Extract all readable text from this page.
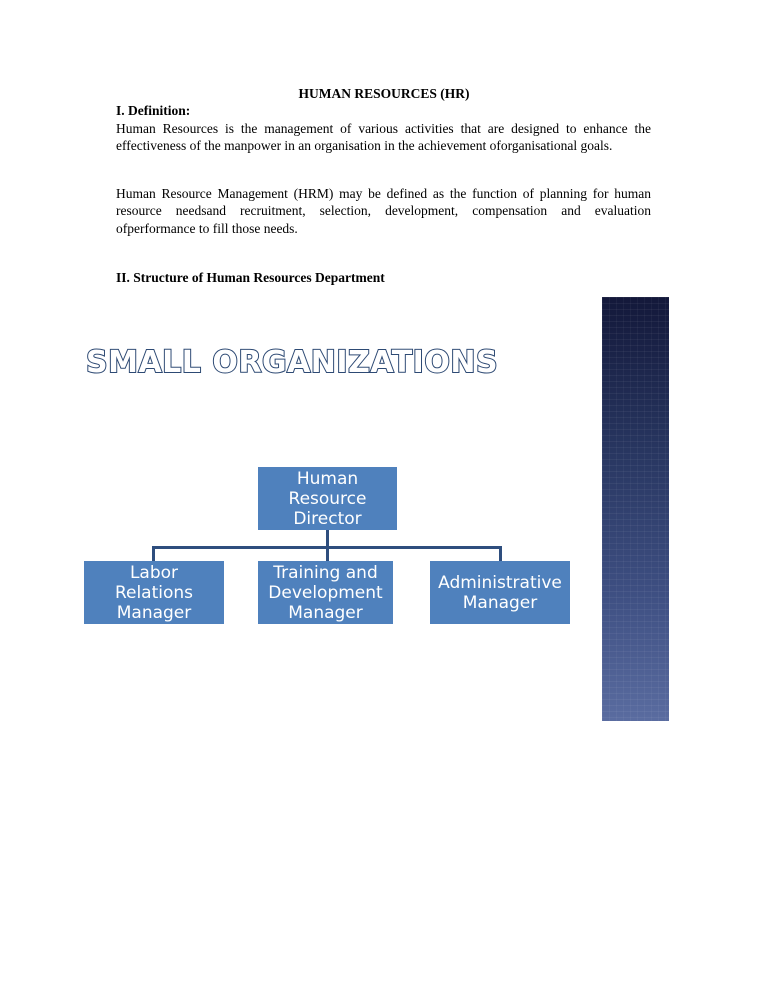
HUMAN RESOURCES (HR)
I. Definition:

Human Resources is the management of various activities that are designed to enhance the effectiveness of the manpower in an organisation in the achievement oforganisational goals.

Human Resource Management (HRM) may be defined as the function of planning for human resource needsand recruitment, selection, development, compensation and evaluation ofperformance to fill those needs.

II. Structure of Human Resources Department
SMALL ORGANIZATIONS
Human
Resource
Director
Labor
Relations
Manager
Training and
Development
Manager
Administrative
Manager
